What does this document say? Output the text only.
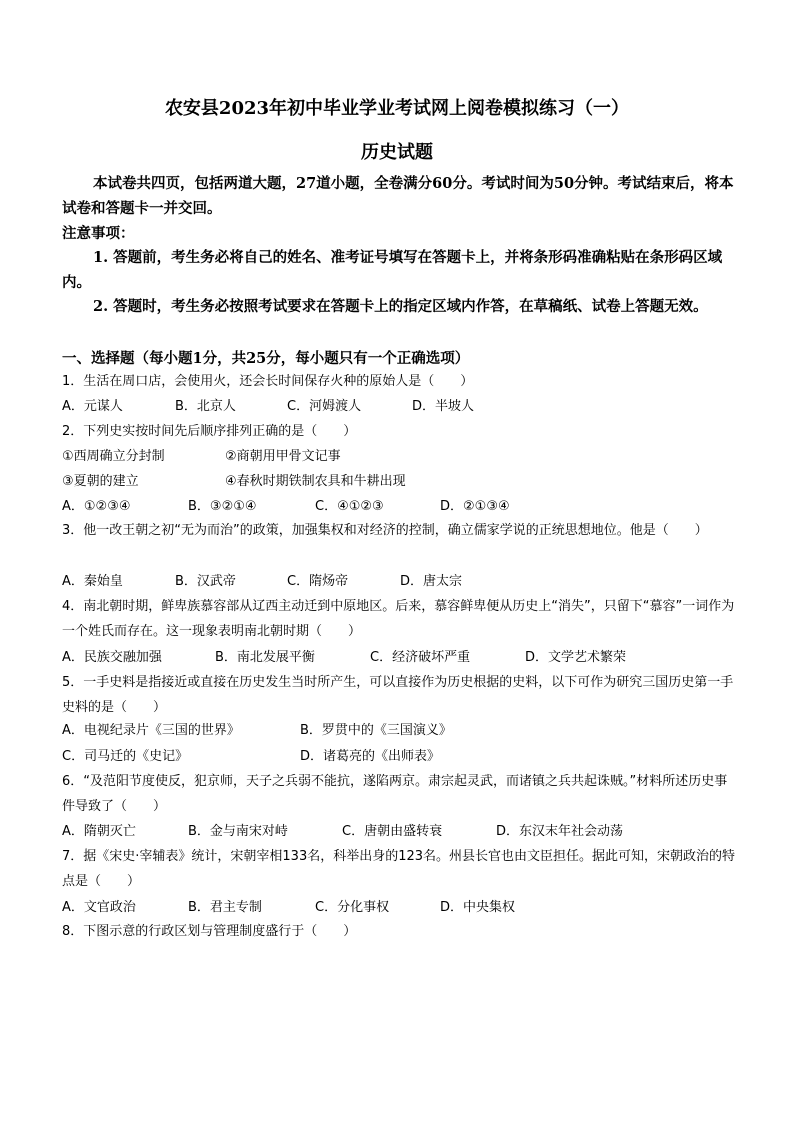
农安县2023年初中毕业学业考试网上阅卷模拟练习（一）
历史试题
本试卷共四页，包括两道大题，27道小题，全卷满分60分。考试时间为50分钟。考试结束后，将本试卷和答题卡一并交回。
注意事项：
1. 答题前，考生务必将自己的姓名、准考证号填写在答题卡上，并将条形码准确粘贴在条形码区域内。
2. 答题时，考生务必按照考试要求在答题卡上的指定区域内作答，在草稿纸、试卷上答题无效。
一、选择题（每小题1分，共25分，每小题只有一个正确选项）
1．生活在周口店，会使用火，还会长时间保存火种的原始人是（　　）
A．元谋人	B．北京人	C．河姆渡人	D．半坡人
2．下列史实按时间先后顺序排列正确的是（　　）
①西周确立分封制	②商朝用甲骨文记事
③夏朝的建立	④春秋时期铁制农具和牛耕出现
A．①②③④	B．③②①④	C．④①②③	D．②①③④
3．他一改王朝之初“无为而治”的政策，加强集权和对经济的控制，确立儒家学说的正统思想地位。他是（　　）
A．秦始皇	B．汉武帝	C．隋炀帝	D．唐太宗
4．南北朝时期，鲜卑族慕容部从辽西主动迁到中原地区。后来，慕容鲜卑便从历史上“消失”，只留下“慕容”一词作为一个姓氏而存在。这一现象表明南北朝时期（　　）
A．民族交融加强	B．南北发展平衡	C．经济破坏严重	D．文学艺术繁荣
5．一手史料是指接近或直接在历史发生当时所产生，可以直接作为历史根据的史料，以下可作为研究三国历史第一手史料的是（　　）
A．电视纪录片《三国的世界》	B．罗贯中的《三国演义》
C．司马迁的《史记》	D．诸葛亮的《出师表》
6．“及范阳节度使反，犯京师，天子之兵弱不能抗，遂陷两京。肃宗起灵武，而诸镇之兵共起诛贼。”材料所述历史事件导致了（　　）
A．隋朝灭亡	B．金与南宋对峙	C．唐朝由盛转衰	D．东汉末年社会动荡
7．据《宋史·宰辅表》统计，宋朝宰相133名，科举出身的123名。州县长官也由文臣担任。据此可知，宋朝政治的特点是（　　）
A．文官政治	B．君主专制	C．分化事权	D．中央集权
8．下图示意的行政区划与管理制度盛行于（　　）
